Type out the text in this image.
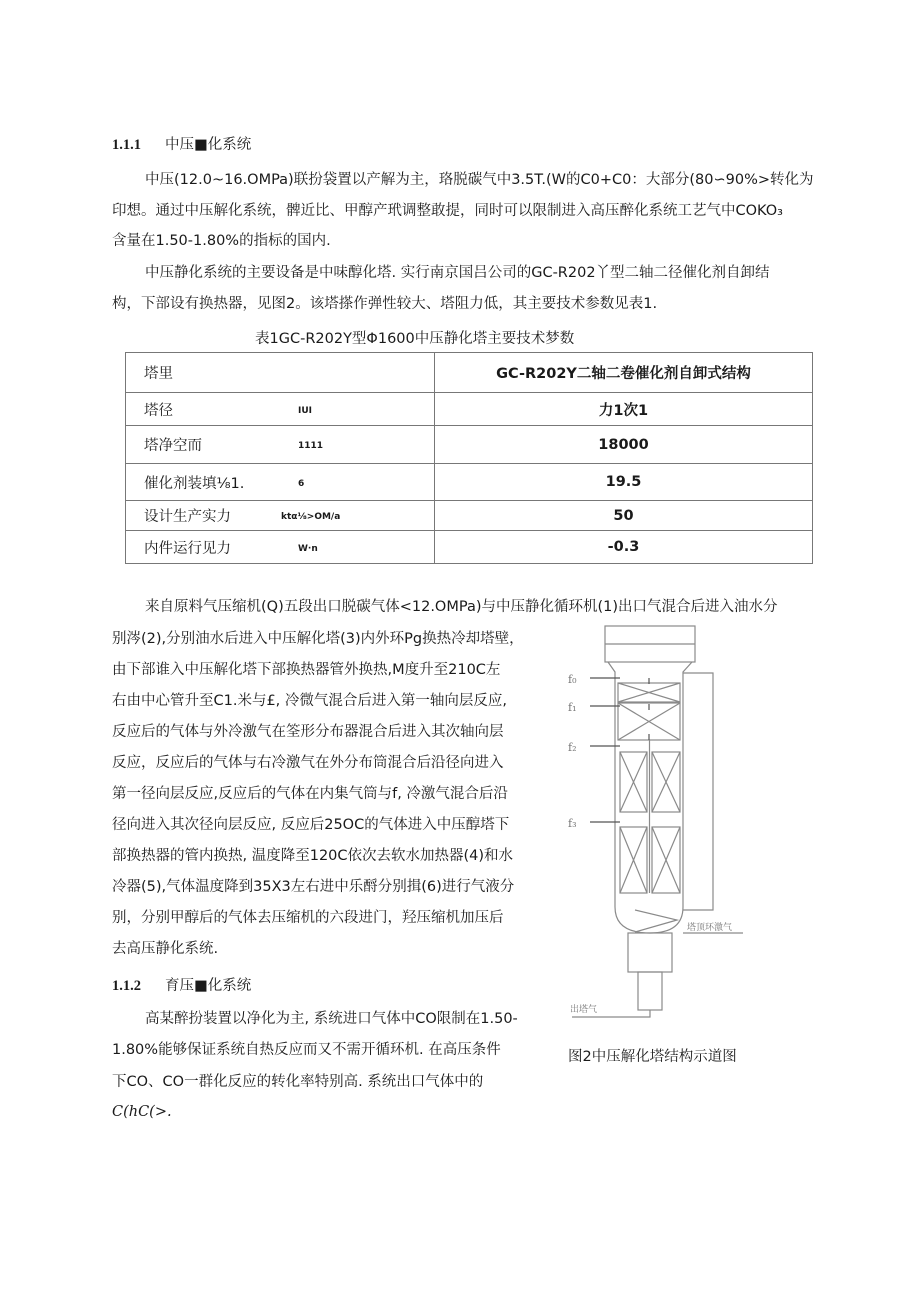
1.1.1 中压■化系统
中压(12.0~16.OMPa)联扮袋置以产解为主，珞脱碳气中3.5T.(W的C0+C0：大部分(80∽90%>转化为
印想。通过中压解化系统，髀近比、甲醇产玳调整敢提，同时可以限制进入高压醉化系统工艺气中COKO₃
含量在1.50-1.80%的指标的国内.
中压静化系统的主要设备是中味醇化塔. 实行南京国吕公司的GC-R202丫型二轴二径催化剂自卸结
构，下部设有换热器，见图2。该塔搽作弹性较大、塔阻力低，其主要技术参数见表1.
表1GC-R202Y型Φ1600中压静化塔主要技术梦数
塔里	GC-R202Y二轴二卷催化剂自卸式结构
塔径 IUI	力1次1
塔净空而 1111	18000
催化剂装填⅛1. 6	19.5
设计生产实力 ktα⅛>OM/a	50
内件运行见力 W·n	-0.3
来自原料气压缩机(Q)五段出口脱碳气体<12.OMPa)与中压静化循环机(1)出口气混合后进入油水分
别涔(2),分别油水后进入中压解化塔(3)内外环Pg换热冷却塔壁，
由下部谁入中压解化塔下部换热器管外换热,M度升至210C左
右由中心管升至C1.米与£, 冷微气混合后进入第一轴向层反应,
反应后的气体与外冷激气在筌形分布器混合后进入其次轴向层
反应，反应后的气体与右冷激气在外分布筒混合后沿径向进入
第一径向层反应,反应后的气体在内集气筒与f, 冷激气混合后沿
径向进入其次径向层反应, 反应后25OC的气体进入中压醇塔下
部换热器的管内换热, 温度降至120C依次去软水加热器(4)和水
冷器(5),气体温度降到35X3左右进中乐酹分别揖(6)进行气液分
别，分别甲醇后的气体去压缩机的六段进门，羟压缩机加压后
去高压静化系统.
1.1.2 育压■化系统
高某醉扮装置以净化为主, 系统进口气体中CO限制在1.50-
1.80%能够保证系统自热反应而又不需开循环机. 在高压条件
下CO、CO一群化反应的转化率特别高. 系统出口气体中的
C(hC(>.
f₀
f₁
f₂
f₃
塔顶环激气
出塔气
图2中压解化塔结构示道图
